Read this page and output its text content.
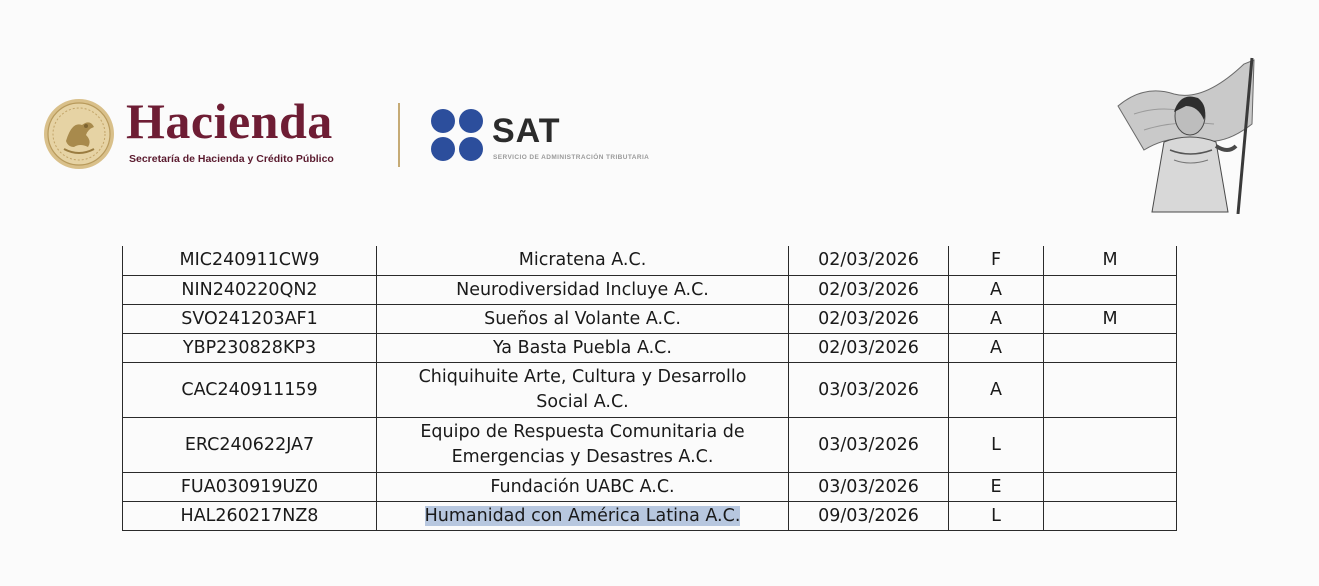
Hacienda
Secretaría de Hacienda y Crédito Público
SAT
SERVICIO DE ADMINISTRACIÓN TRIBUTARIA
MIC240911CW9	Micratena A.C.	02/03/2026	F	M
NIN240220QN2	Neurodiversidad Incluye A.C.	02/03/2026	A	
SVO241203AF1	Sueños al Volante A.C.	02/03/2026	A	M
YBP230828KP3	Ya Basta Puebla A.C.	02/03/2026	A	
CAC240911159	Chiquihuite Arte, Cultura y Desarrollo
Social A.C.	03/03/2026	A	
ERC240622JA7	Equipo de Respuesta Comunitaria de
Emergencias y Desastres A.C.	03/03/2026	L	
FUA030919UZ0	Fundación UABC A.C.	03/03/2026	E	
HAL260217NZ8	Humanidad con América Latina A.C.	09/03/2026	L	
